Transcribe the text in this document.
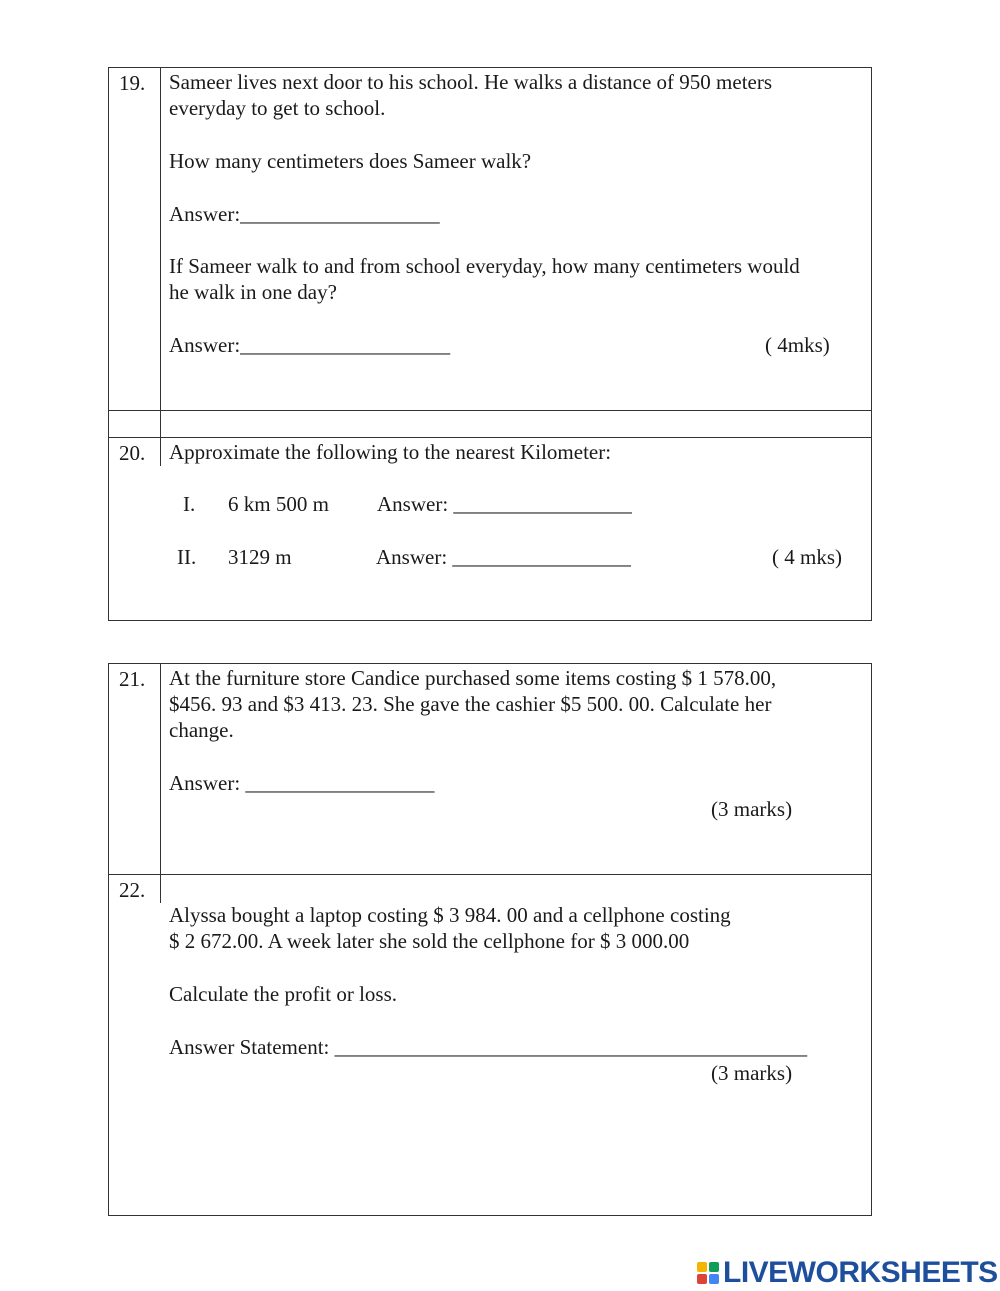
19.	Sameer lives next door to his school. He walks a distance of 950 meters
everyday to get to school.
How many centimeters does Sameer walk?
Answer:___________________
If Sameer walk to and from school everyday, how many centimeters would
he walk in one day?
Answer:____________________	( 4mks)
20.	Approximate the following to the nearest Kilometer:
I. 6 km 500 m Answer: _________________
II. 3129 m	Answer: _________________	( 4 mks)
21.	At the furniture store Candice purchased some items costing $ 1 578.00,
$456. 93 and $3 413. 23. She gave the cashier $5 500. 00. Calculate her
change.
Answer: __________________
(3 marks)
22.
Alyssa bought a laptop costing $ 3 984. 00 and a cellphone costing
$ 2 672.00. A week later she sold the cellphone for $ 3 000.00
Calculate the profit or loss.
Answer Statement: _____________________________________________
(3 marks)
LIVEWORKSHEETS
